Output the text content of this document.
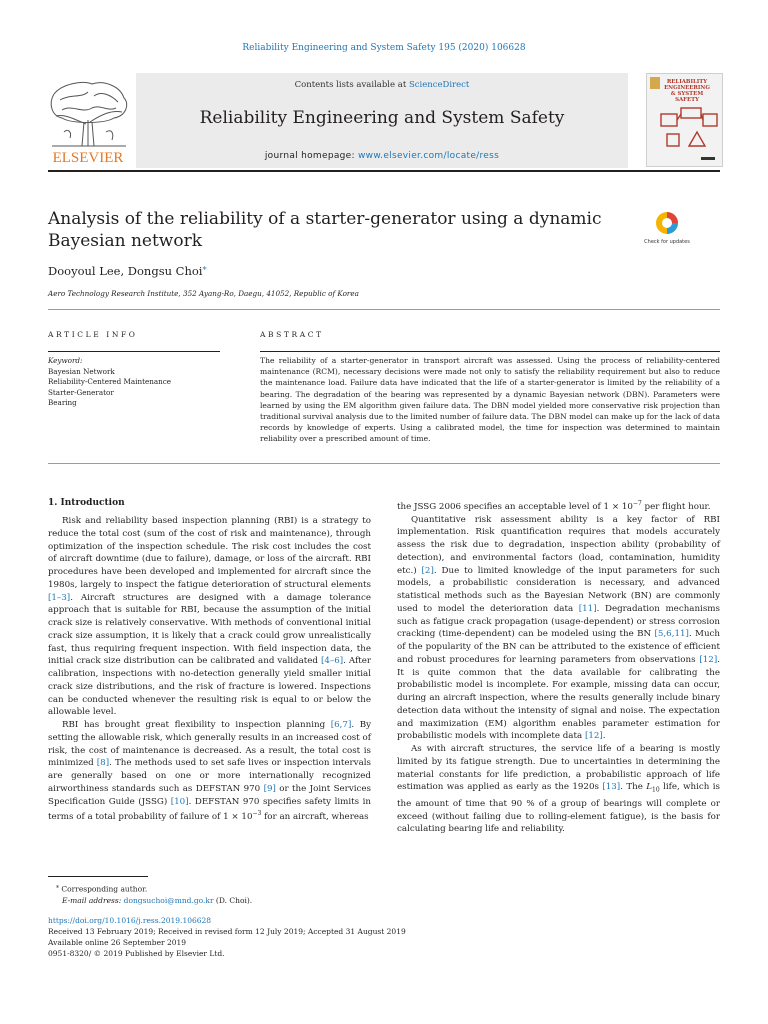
Reliability Engineering and System Safety 195 (2020) 106628
ELSEVIER
Contents lists available at ScienceDirect
Reliability Engineering and System Safety
journal homepage: www.elsevier.com/locate/ress
RELIABILITY
ENGINEERING
& SYSTEM
SAFETY
Analysis of the reliability of a starter-generator using a dynamic Bayesian network	Check for updates
Dooyoul Lee, Dongsu Choi⁎
Aero Technology Research Institute, 352 Ayang-Ro, Daegu, 41052, Republic of Korea
ARTICLE INFO	ABSTRACT
Keyword:
Bayesian Network
Reliability-Centered Maintenance
Starter-Generator
Bearing
The reliability of a starter-generator in transport aircraft was assessed. Using the process of reliability-centered maintenance (RCM), necessary decisions were made not only to satisfy the reliability requirement but also to reduce the maintenance load. Failure data have indicated that the life of a starter-generator is limited by the reliability of a bearing. The degradation of the bearing was represented by a dynamic Bayesian network (DBN). Parameters were learned by using the EM algorithm given failure data. The DBN model yielded more conservative risk projection than traditional survival analysis due to the limited number of failure data. The DBN model can make up for the lack of data records by knowledge of experts. Using a calibrated model, the time for inspection was determined to maintain reliability over a prescribed amount of time.
1. Introduction

Risk and reliability based inspection planning (RBI) is a strategy to reduce the total cost (sum of the cost of risk and maintenance), through optimization of the inspection schedule. The risk cost includes the cost of aircraft downtime (due to failure), damage, or loss of the aircraft. RBI procedures have been developed and implemented for aircraft since the 1980s, largely to inspect the fatigue deterioration of structural elements [1–3]. Aircraft structures are designed with a damage tolerance approach that is suitable for RBI, because the assumption of the initial crack size is relatively conservative. With methods of conventional initial crack size assumption, it is likely that a crack could grow unrealistically fast, thus requiring frequent inspection. With field inspection data, the initial crack size distribution can be calibrated and validated [4–6]. After calibration, inspections with no-detection generally yield smaller initial crack size distributions, and the risk of fracture is lowered. Inspections can be conducted whenever the resulting risk is equal to or below the allowable level.

RBI has brought great flexibility to inspection planning [6,7]. By setting the allowable risk, which generally results in an increased cost of risk, the cost of maintenance is decreased. As a result, the total cost is minimized [8]. The methods used to set safe lives or inspection intervals are generally based on one or more internationally recognized airworthiness standards such as DEFSTAN 970 [9] or the Joint Services Specification Guide (JSSG) [10]. DEFSTAN 970 specifies safety limits in terms of a total probability of failure of $1 \times 10^{-3}$ for an aircraft, whereas

the JSSG 2006 specifies an acceptable level of $1 \times 10^{-7}$ per flight hour.

Quantitative risk assessment ability is a key factor of RBI implementation. Risk quantification requires that models accurately assess the risk due to degradation, inspection ability (probability of detection), and environmental factors (load, contamination, humidity etc.) [2]. Due to limited knowledge of the input parameters for such models, a probabilistic consideration is necessary, and advanced statistical methods such as the Bayesian Network (BN) are commonly used to model the deterioration data [11]. Degradation mechanisms such as fatigue crack propagation (usage-dependent) or stress corrosion cracking (time-dependent) can be modeled using the BN [5,6,11]. Much of the popularity of the BN can be attributed to the existence of efficient and robust procedures for learning parameters from observations [12]. It is quite common that the data available for calibrating the probabilistic model is incomplete. For example, missing data can occur, during an aircraft inspection, where the results generally include binary detection data without the intensity of signal and noise. The expectation and maximization (EM) algorithm enables parameter estimation for probabilistic models with incomplete data [12].

As with aircraft structures, the service life of a bearing is mostly limited by its fatigue strength. Due to uncertainties in determining the material constants for life prediction, a probabilistic approach of life estimation was applied as early as the 1920s [13]. The $L_{10}$ life, which is the amount of time that 90 % of a group of bearings will complete or exceed (without failing due to rolling-element fatigue), is the basis for calculating bearing life and reliability.

⁎ Corresponding author.
E-mail address: dongsuchoi@mnd.go.kr (D. Choi).
https://doi.org/10.1016/j.ress.2019.106628
Received 13 February 2019; Received in revised form 12 July 2019; Accepted 31 August 2019
Available online 26 September 2019
0951-8320/ © 2019 Published by Elsevier Ltd.
